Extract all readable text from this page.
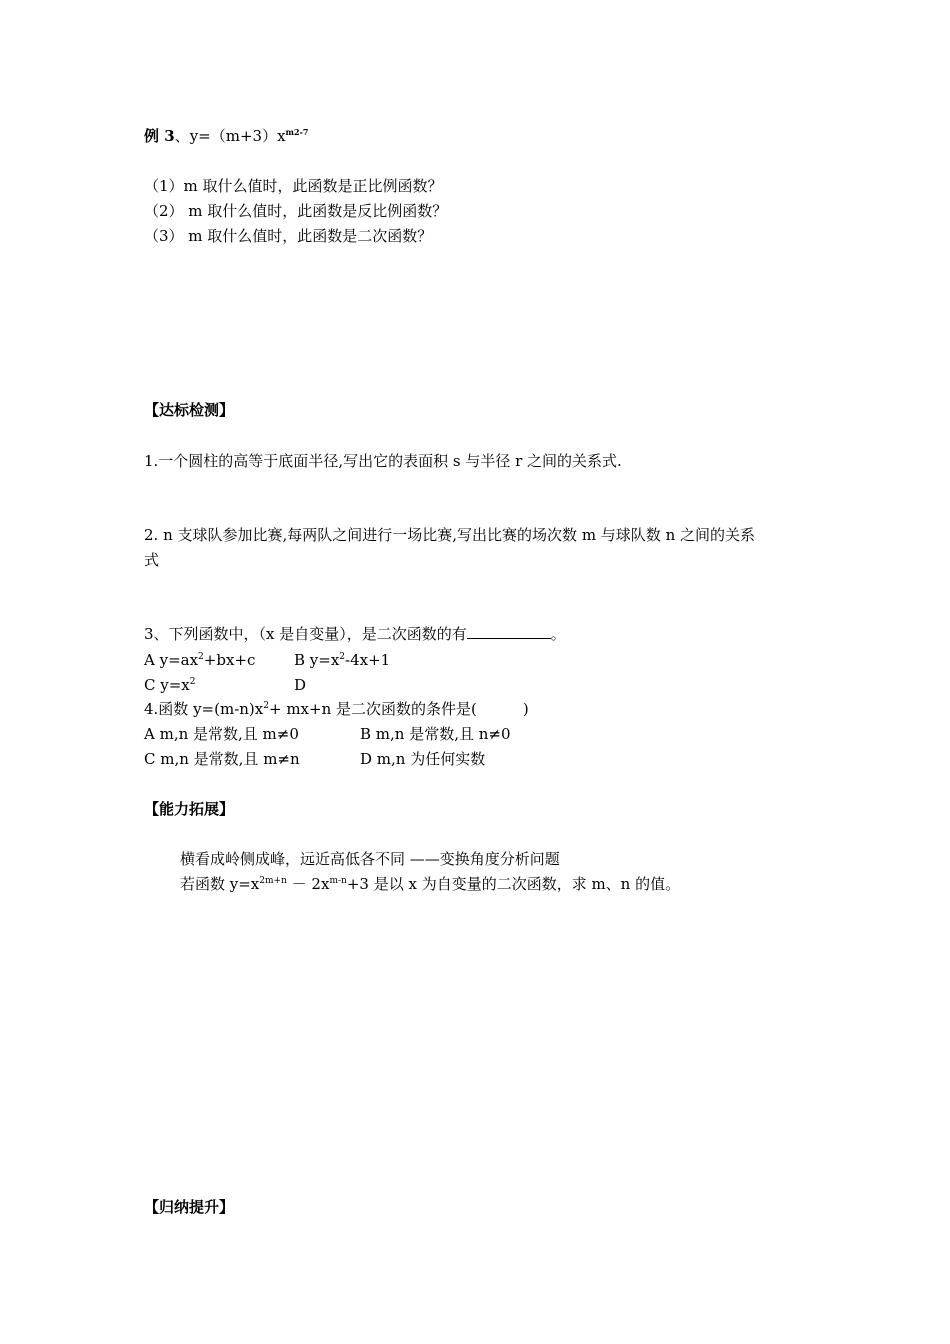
例 3、$y=(m+3)x^{m2-7}$
（1）m 取什么值时，此函数是正比例函数？
（2） m 取什么值时，此函数是反比例函数？
（3） m 取什么值时，此函数是二次函数？
【达标检测】
1.一个圆柱的高等于底面半径,写出它的表面积 s 与半径 r 之间的关系式.
2. n 支球队参加比赛,每两队之间进行一场比赛,写出比赛的场次数 m 与球队数 n 之间的关系
式
3、下列函数中，（x 是自变量），是二次函数的有	。
A $y=ax^2+bx+c$	B $y=x^2-4x+1$
C $y=x^2$	D
4.函数 $y=(m-n)x^2+ mx+n$ 是二次函数的条件是(	)
A m,n 是常数,且 m≠0	B m,n 是常数,且 n≠0
C m,n 是常数,且 m≠n	D m,n 为任何实数
【能力拓展】
横看成岭侧成峰，远近高低各不同 ——变换角度分析问题
若函数 $y=x^{2m+n} - 2x^{m-n}+3$ 是以 x 为自变量的二次函数，求 m、n 的值。
【归纳提升】
